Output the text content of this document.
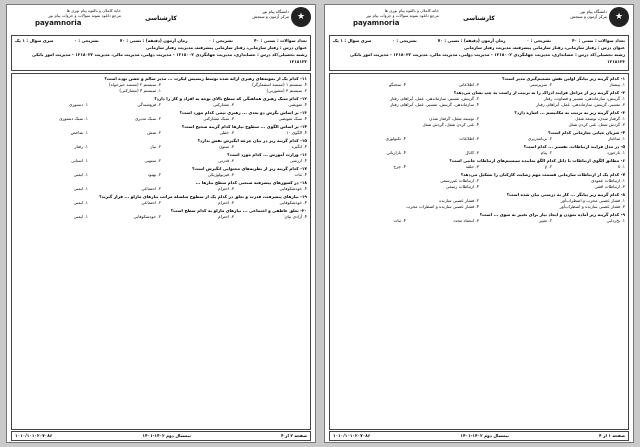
★
دانشگاه پیام نور
مرکز آزمون و سنجش
کارشناسی
خانه کاملان و بالقوه پیام نوری ها
مرجع دانلود نمونه سوالات و جزوات پیام نور
payamnoria
تعداد سوالات : تستی : ۴۰
تشریحی : ۰
زمان آزمون (دقیقه) : تستی : ۷۰
تشریحی : ۰
سری سوال : ۱ یک
عنوان درس : رفتار سازمانی، رفتار سازمانی پیشرفته، مدیریت رفتار سازمانی
رشته تحصیلی/کد درس : حسابداری، مدیریت جهانگردی ۱۲۱۸۰۰۲ - مدیریت دولتی، مدیریت مالی، مدیریت ۱۲۱۸۰۳۲ - مدیریت امور بانکی ۱۲۱۸۱۲۳
۱۱- کدام یک از نمونه‌های رهبری ارائه شده توسط رنسیس لیکرت ... مدیر سالم و خشن بوده است؟
۴. سیستم ۱ (مستبد استثمارگر)
۳. سیستم ۲ (مستبد خیرخواه)
۲. سیستم ۳ (مشورتی)
۱. سیستم ۴ (مشارکتی)
۱۲- کدام سبک رهبری هماهنگی که سطح بالای توجه به افراد و کار را دارد؟
۴. تفویضی
۳. مشارکتی
۲. فروشندگی
۱. دستوری
۱۳- بر اساس نگرش دو بعدی ... رهبری تیمی کدام مورد است؟
۴. سبک تفویضی
۳. سبک مشارکتی
۲. سبک مدیری
۱. سبک دستوری
۱۴- بر اساس الگوی ... سطوح نیازها کدام گزینه صحیح است؟
۴. الگوی ۱۰
۳. خطی
۲. شش
۱. شاخص
۱۵- کدام گزینه زیر در بیان چرخه انگیزش نقش ندارد؟
۴. انگیزه
۳. ستون
۲. نیاز
۱. رفتار
۱۶- وزارت آموزش ... کدام مورد است؟
۴. ارزشی
۳. قدرتی
۲. ستونی
۱. انسانی
۱۷- کدام گزینه زیر از نظریه‌های محتوایی انگیزش است؟
۴. ثبات
۳. فیزیولوژیکی
۲. بهبود
۱. ایمنی
۱۸- در کشورهای پیشرفته صنعتی کدام سطح نیازها ...
۴. خودشکوفایی
۳. احترام
۲. اجتماعی
۱. ایمنی
۱۹- نیازهای پیشرفت، قدرت و تعلق در کدام یک از سطوح سلسله مراتب نیازهای مازلو ... قرار گیرند؟
۴. خودشکوفایی
۳. احترام
۲. اجتماعی
۱. ایمنی
۲۰- تعلق عاطفی و اجتماعی ... نیازهای مازلو به کدام سطح است؟
۴. آزادی بیان
۳. احترام
۲. خودشکوفایی
۱. ایمنی
صفحه ۲ از ۴
نیمسال دوم ۱۴۰۲-۱۴۰۱
۱۰۱۰/۱۰۱۰۲۰۷۰۸۶
★
دانشگاه پیام نور
مرکز آزمون و سنجش
کارشناسی
خانه کاملان و بالقوه پیام نوری ها
مرجع دانلود نمونه سوالات و جزوات پیام نور
payamnoria
تعداد سوالات : تستی : ۴۰
تشریحی : ۰
زمان آزمون (دقیقه) : تستی : ۷۰
تشریحی : ۰
سری سوال : ۱ یک
عنوان درس : رفتار سازمانی، رفتار سازمانی پیشرفته، مدیریت رفتار سازمانی
رشته تحصیلی/کد درس : حسابداری، مدیریت جهانگردی ۱۲۱۸۰۰۲ - مدیریت دولتی، مدیریت مالی، مدیریت ۱۲۱۸۰۳۲ - مدیریت امور بانکی ۱۲۱۸۱۲۳
۱- کدام گزینه زیر بیانگر اولین نقش تصمیم‌گیری مدیر است؟
۱. پیشتاز
۲. سرپرستی
۳. اطلاعاتی
۴. سخنگو
۲- کدام گزینه زیر از مراحل فرایند ادراک را به ترتیب از راست به چپ نشان می‌دهد؟
۱. گزینش، سازماندهی، تفسیر و قضاوت، رفتار
۲. گزینش، تفسیر، سازماندهی، عمل، آبراهام، رفتار
۳. تفسیر، گزینش، سازماندهی، عمل، آبراهام، رفتار
۴. سازماندهی، گزینش، تفسیر، عمل، آبراهام، رفتار
۳- کدام گزینه زیر به ترتیب به مکانیسم ... اشاره دارد؟
۱. گرفتار شدن، توسعه شغل
۲. توسعه شغل، گرفتار شدن
۳. گردش شغل، غنی کردن شغل
۴. غنی کردن شغل، گردش شغل
۴- شریان حیاتی سازمانی کدام است؟
۱. ساختار
۲. برنامه‌ریزی
۳. اطلاعات
۴. تکنولوژی
۵- در مدل فرایند ارتباطات، تفسیر ... کدام است؟
۱. بازخورد
۲. پیام
۳. کانال
۴. بازاریابی
۶- مطابق الگوی ارتباطات با ذائل کدام الگو نماینده سیستم‌های ارتباطات جانبی است؟
۱. x
۲. y
۳. حلقه
۴. چرخ
۷- کدام یک از ارتباطات سازمانی قسمت مهم رضایت کارکنان را تشکیل می‌دهد؟
۱. ارتباطات عمودی
۲. ارتباطات غیررسمی
۳. ارتباطات افقی
۴. ارتباطات رسمی
۸- کدام گزینه زیر بیانگر ... کار به درستی بیان شده است؟
۱. فشار عصبی مخرب و اضطراب‌آور
۲. فشار عصبی سازنده
۳. فشار عصبی سازنده و اضطراب‌آور
۴. فشار عصبی سازنده و اضطراب مخرب
۹- کدام گزینه زیر آماده نمودن و ایجاد نیاز برای تغییر به سوی ... است؟
۱. یخ‌زدایی
۲. تغییر
۳. انجماد مجدد
۴. ثبات
صفحه ۱ از ۴
نیمسال دوم ۱۴۰۲-۱۴۰۱
۱۰۱۰/۱۰۱۰۲۰۷۰۸۶
